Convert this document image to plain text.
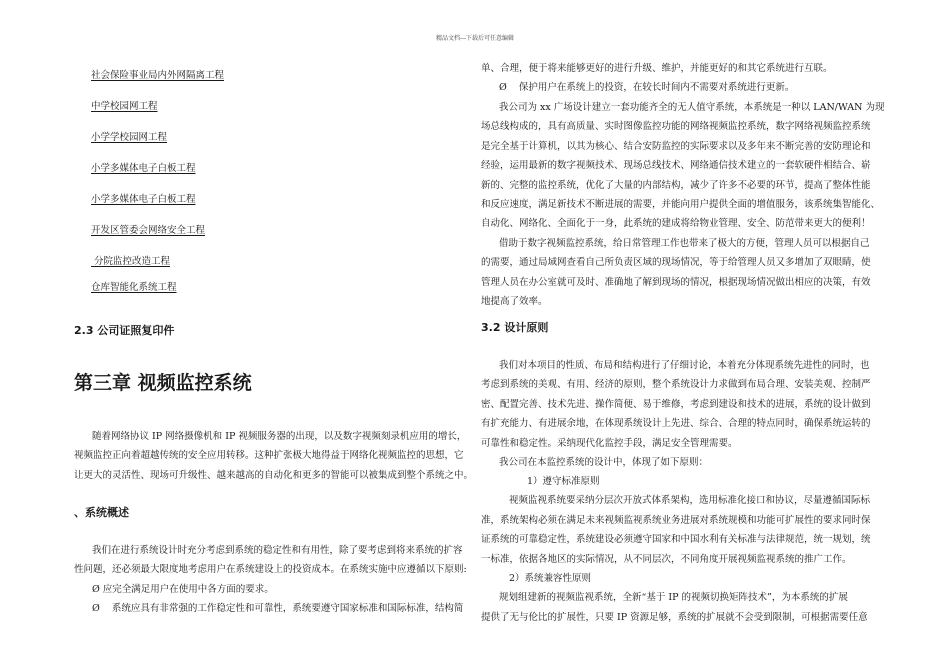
精品文档---下载后可任意编辑
社会保险事业局内外网隔离工程
中学校园网工程
小学学校园网工程
小学多媒体电子白板工程
小学多媒体电子白板工程
开发区管委会网络安全工程
分院监控改造工程
仓库智能化系统工程
2.3 公司证照复印件
第三章 视频监控系统
随着网络协议 IP 网络摄像机和 IP 视频服务器的出现，以及数字视频刻录机应用的增长，
视频监控正向着超越传统的安全应用转移。这种扩张极大地得益于网络化视频监控的思想，它
让更大的灵活性、现场可升级性、越来越高的自动化和更多的智能可以被集成到整个系统之中。
、系统概述
我们在进行系统设计时充分考虑到系统的稳定性和有用性，除了要考虑到将来系统的扩容
性问题，还必须最大限度地考虑用户在系统建设上的投资成本。在系统实施中应遵循以下原则:
Ø 应完全满足用户在使用中各方面的要求。
Ø    系统应具有非常强的工作稳定性和可靠性，系统要遵守国家标准和国际标准，结构简
单、合理，便于将来能够更好的进行升级、维护，并能更好的和其它系统进行互联。
Ø    保护用户在系统上的投资，在较长时间内不需要对系统进行更新。
我公司为 xx 广场设计建立一套功能齐全的无人值守系统，本系统是一种以 LAN/WAN 为现
场总线构成的，具有高质量、实时图像监控功能的网络视频监控系统，数字网络视频监控系统
是完全基于计算机，以其为核心、结合安防监控的实际要求以及多年来不断完善的安防理论和
经验，运用最新的数字视频技术、现场总线技术、网络通信技术建立的一套软硬件相结合、崭
新的、完整的监控系统，优化了大量的内部结构，减少了许多不必要的环节，提高了整体性能
和反应速度，满足新技术不断进展的需要，并能向用户提供全面的增值服务，该系统集智能化、
自动化、网络化、全面化于一身，此系统的建成将给物业管理、安全、防范带来更大的便利！
借助于数字视频监控系统，给日常管理工作也带来了极大的方便，管理人员可以根据自己
的需要，通过局域网查看自己所负责区域的现场情况，等于给管理人员又多增加了双眼睛，使
管理人员在办公室就可及时、准确地了解到现场的情况，根据现场情况做出相应的决策，有效
地提高了效率。
3.2 设计原则
我们对本项目的性质、布局和结构进行了仔细讨论，本着充分体现系统先进性的同时，也
考虑到系统的美观、有用、经济的原则，整个系统设计力求做到布局合理、安装美观、控制严
密、配置完善、技术先进、操作简便、易于维修，考虑到建设和技术的进展，系统的设计做到
有扩充能力、有进展余地，在体现系统设计上先进、综合、合理的特点同时，确保系统运转的
可靠性和稳定性。采纳现代化监控手段，满足安全管理需要。
我公司在本监控系统的设计中，体现了如下原则：
1）遵守标准原则
视频监视系统要采纳分层次开放式体系架构，选用标准化接口和协议，尽量遵循国际标
准，系统架构必须在满足未来视频监视系统业务进展对系统规模和功能可扩展性的要求同时保
证系统的可靠稳定性，系统建设必须遵守国家和中国水利有关标准与法律规范，统一规划，统
一标准，依据各地区的实际情况，从不同层次，不同角度开展视频监视系统的推广工作。
2）系统兼容性原则
规划组建新的视频监视系统，全新“基于 IP 的视频切换矩阵技术”，为本系统的扩展
提供了无与伦比的扩展性，只要 IP 资源足够，系统的扩展就不会受到限制，可根据需要任意
